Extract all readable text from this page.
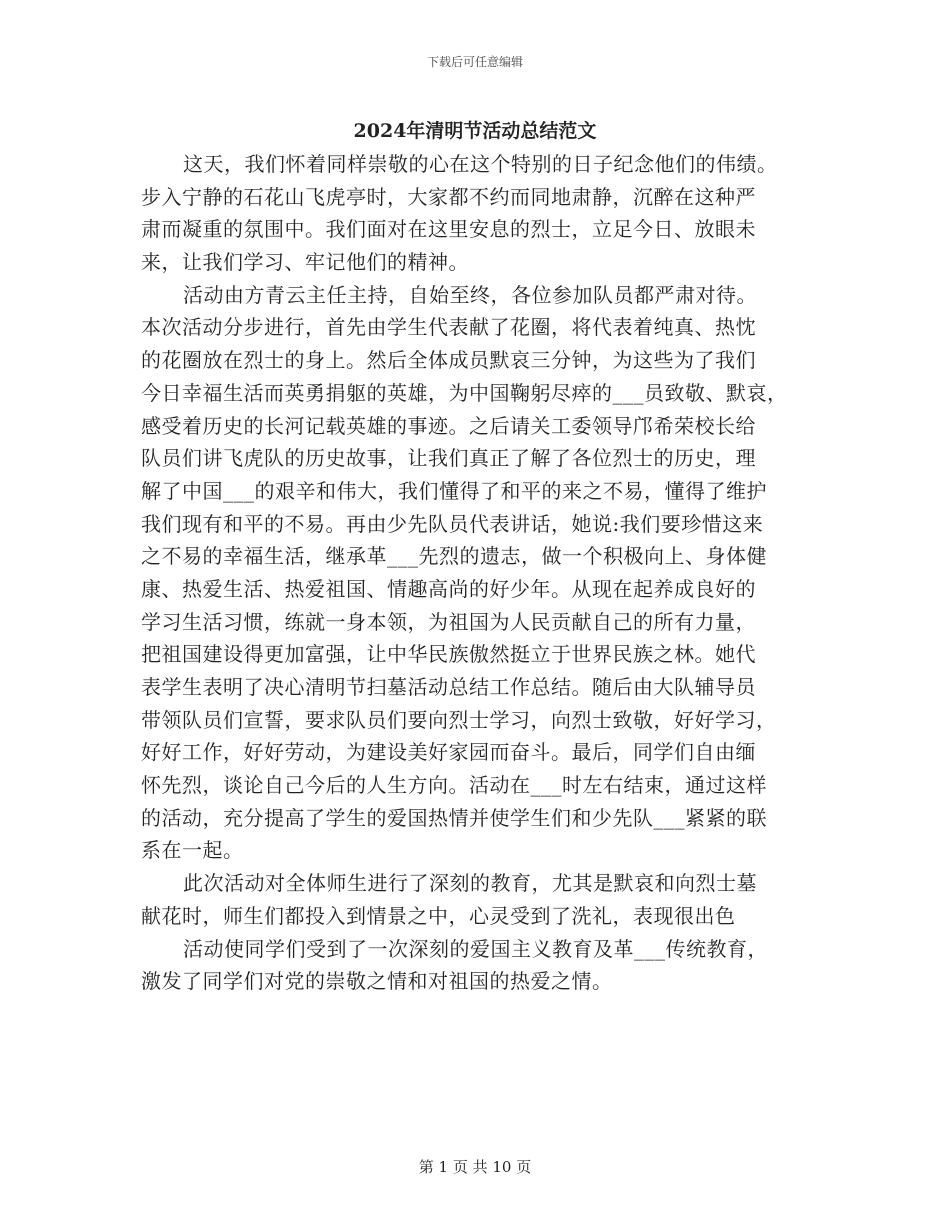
下载后可任意编辑
2024年清明节活动总结范文
这天，我们怀着同样崇敬的心在这个特别的日子纪念他们的伟绩。
步入宁静的石花山飞虎亭时，大家都不约而同地肃静，沉醉在这种严
肃而凝重的氛围中。我们面对在这里安息的烈士，立足今日、放眼未
来，让我们学习、牢记他们的精神。
活动由方青云主任主持，自始至终，各位参加队员都严肃对待。
本次活动分步进行，首先由学生代表献了花圈，将代表着纯真、热忱
的花圈放在烈士的身上。然后全体成员默哀三分钟，为这些为了我们
今日幸福生活而英勇捐躯的英雄，为中国鞠躬尽瘁的___员致敬、默哀，
感受着历史的长河记载英雄的事迹。之后请关工委领导邝希荣校长给
队员们讲飞虎队的历史故事，让我们真正了解了各位烈士的历史，理
解了中国___的艰辛和伟大，我们懂得了和平的来之不易，懂得了维护
我们现有和平的不易。再由少先队员代表讲话，她说:我们要珍惜这来
之不易的幸福生活，继承革___先烈的遗志，做一个积极向上、身体健
康、热爱生活、热爱祖国、情趣高尚的好少年。从现在起养成良好的
学习生活习惯，练就一身本领，为祖国为人民贡献自己的所有力量，
把祖国建设得更加富强，让中华民族傲然挺立于世界民族之林。她代
表学生表明了决心清明节扫墓活动总结工作总结。随后由大队辅导员
带领队员们宣誓，要求队员们要向烈士学习，向烈士致敬，好好学习，
好好工作，好好劳动，为建设美好家园而奋斗。最后，同学们自由缅
怀先烈，谈论自己今后的人生方向。活动在___时左右结束，通过这样
的活动，充分提高了学生的爱国热情并使学生们和少先队___紧紧的联
系在一起。
此次活动对全体师生进行了深刻的教育，尤其是默哀和向烈士墓
献花时，师生们都投入到情景之中，心灵受到了洗礼，表现很出色
活动使同学们受到了一次深刻的爱国主义教育及革___传统教育，
激发了同学们对党的崇敬之情和对祖国的热爱之情。
第 1 页 共 10 页
